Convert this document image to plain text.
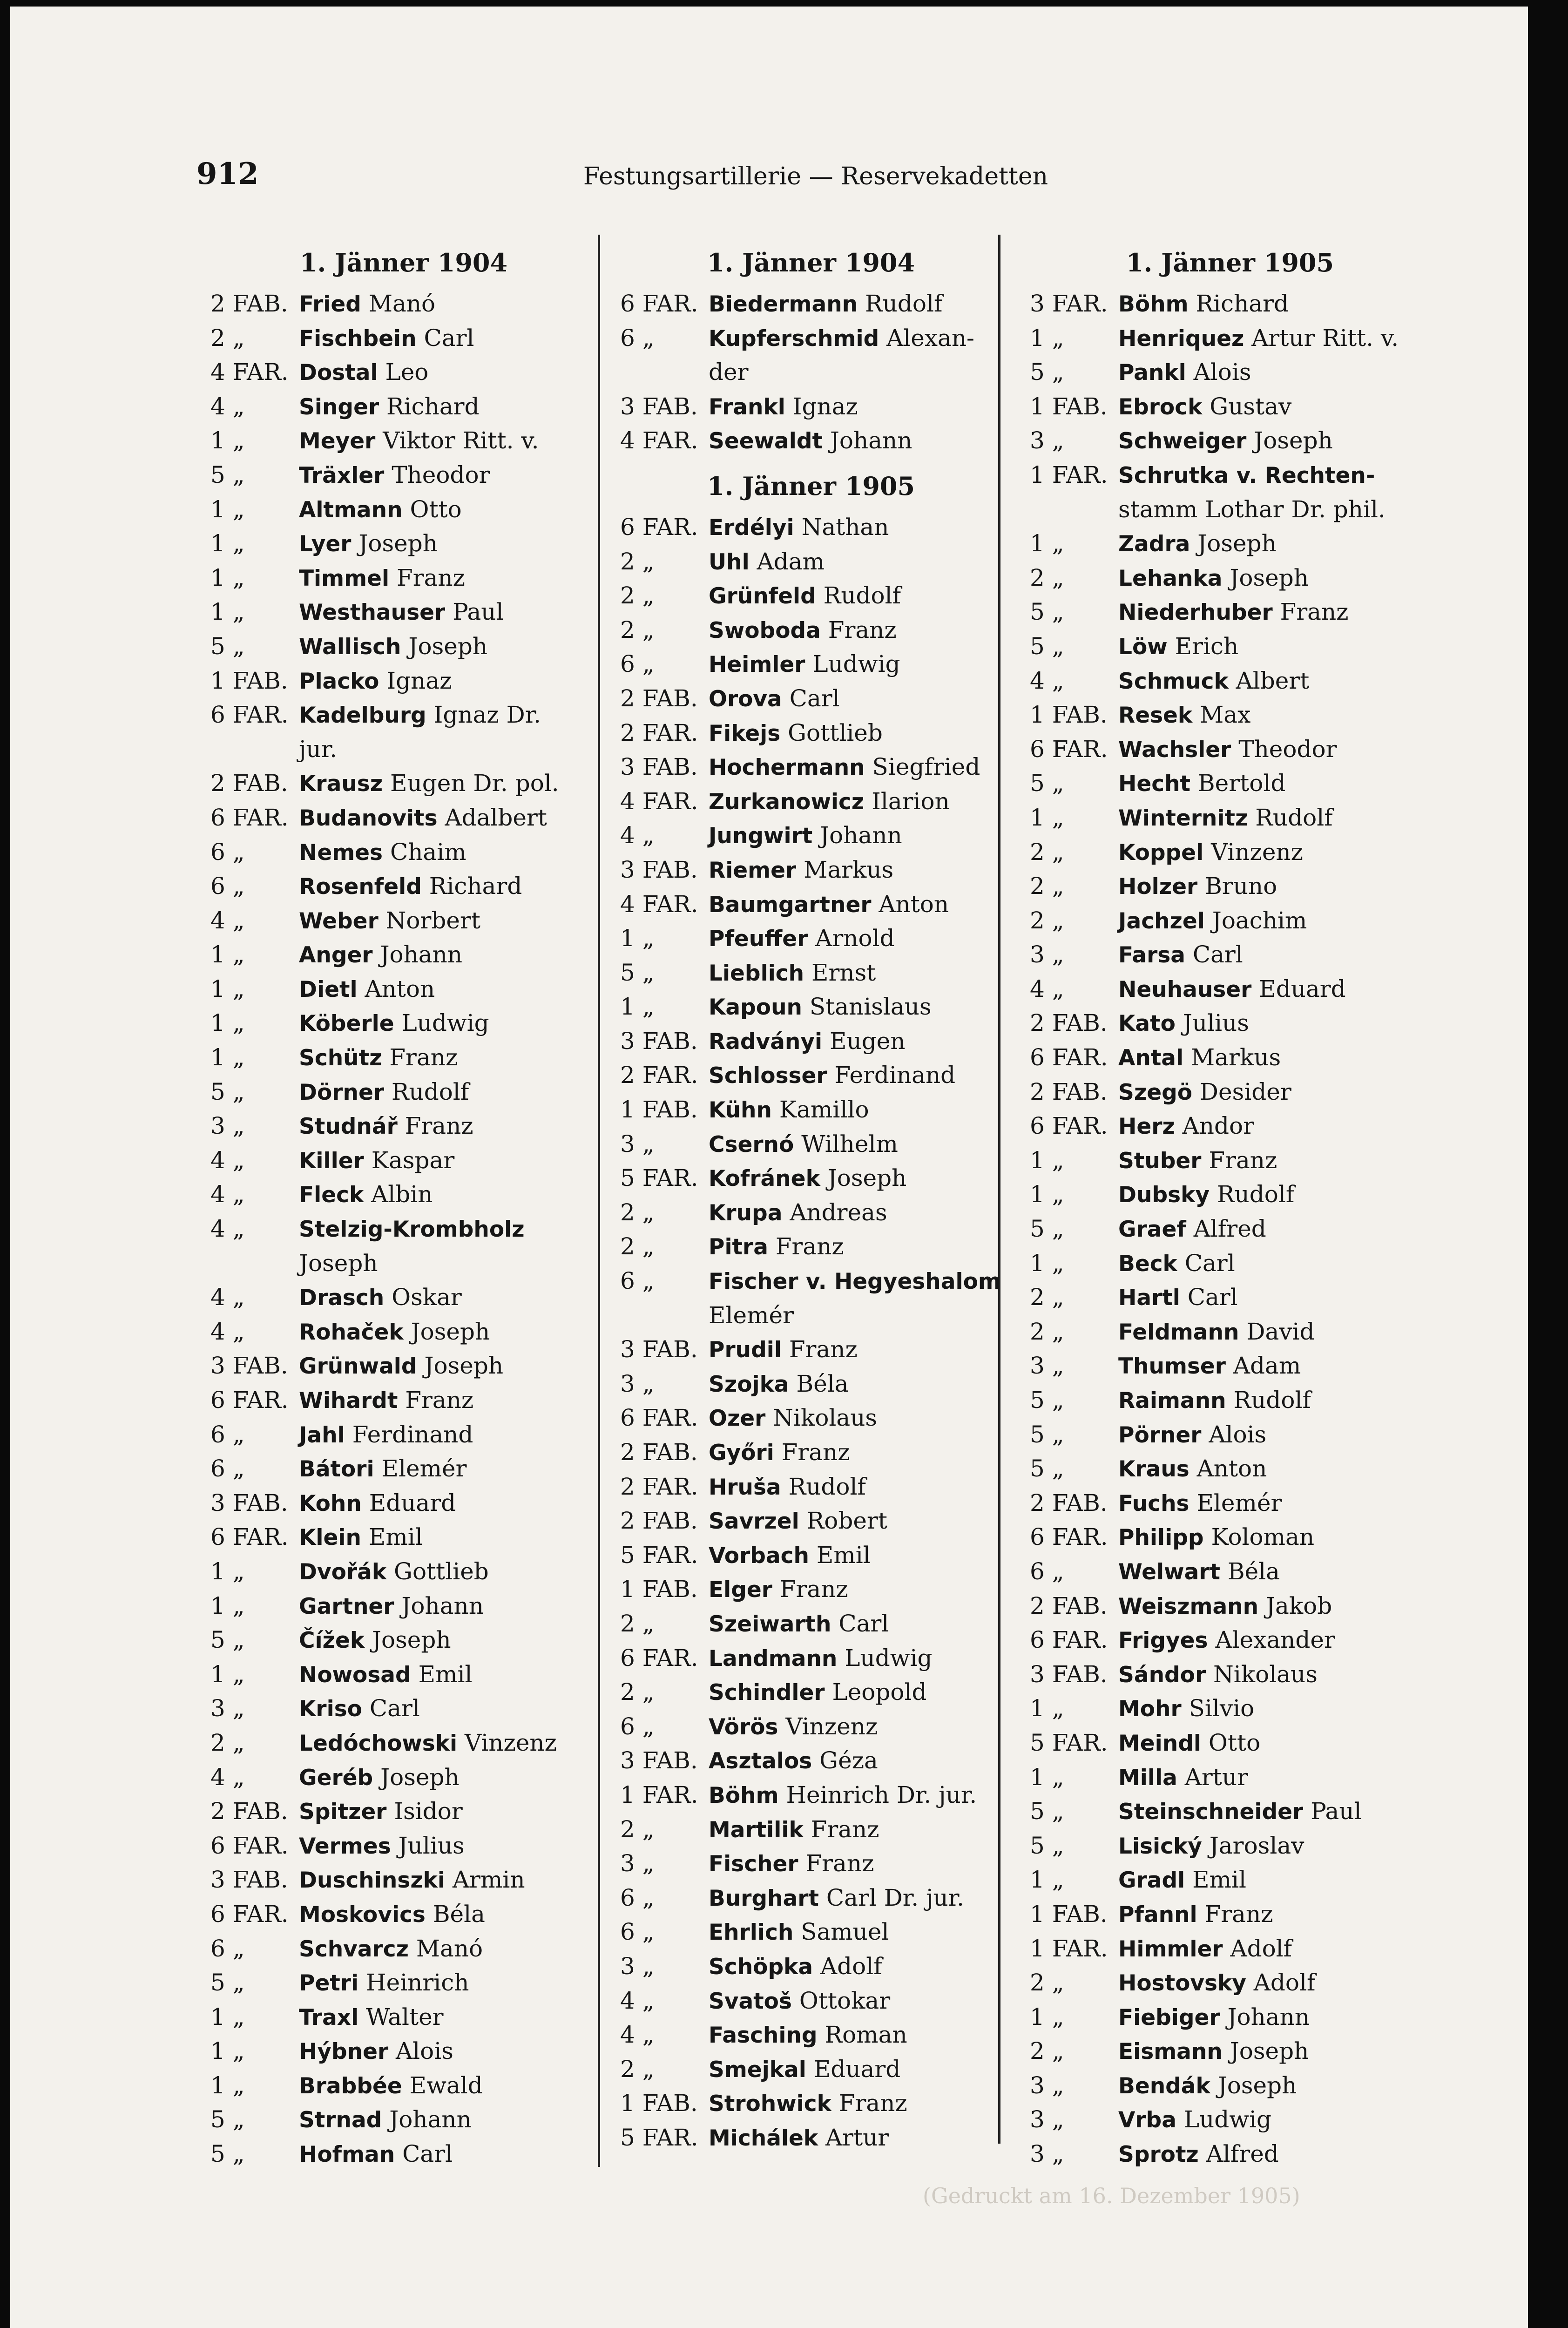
912	Festungsartillerie — Reservekadetten
1. Jänner 1904
2 FAB. Fried Manó
2 „	Fischbein Carl
4 FAR. Dostal Leo
4 „	Singer Richard
1 „	Meyer Viktor Ritt. v.
5 „	Träxler Theodor
1 „	Altmann Otto
1 „	Lyer Joseph
1 „	Timmel Franz
1 „	Westhauser Paul
5 „	Wallisch Joseph
1 FAB. Placko Ignaz
6 FAR. Kadelburg Ignaz Dr.
jur.
2 FAB. Krausz Eugen Dr. pol.
6 FAR. Budanovits Adalbert
6 „	Nemes Chaim
6 „	Rosenfeld Richard
4 „	Weber Norbert
1 „	Anger Johann
1 „	Dietl Anton
1 „	Köberle Ludwig
1 „	Schütz Franz
5 „	Dörner Rudolf
3 „	Studnář Franz
4 „	Killer Kaspar
4 „	Fleck Albin
4 „	Stelzig-Krombholz
Joseph
4 „	Drasch Oskar
4 „	Rohaček Joseph
3 FAB. Grünwald Joseph
6 FAR. Wihardt Franz
6 „	Jahl Ferdinand
6 „	Bátori Elemér
3 FAB. Kohn Eduard
6 FAR. Klein Emil
1 „	Dvořák Gottlieb
1 „	Gartner Johann
5 „	Čížek Joseph
1 „	Nowosad Emil
3 „	Kriso Carl
2 „	Ledóchowski Vinzenz
4 „	Geréb Joseph
2 FAB. Spitzer Isidor
6 FAR. Vermes Julius
3 FAB. Duschinszki Armin
6 FAR. Moskovics Béla
6 „	Schvarcz Manó
5 „	Petri Heinrich
1 „	Traxl Walter
1 „	Hýbner Alois
1 „	Brabbée Ewald
5 „	Strnad Johann
5 „	Hofman Carl
1. Jänner 1904
6 FAR. Biedermann Rudolf
6 „	Kupferschmid Alexan-
der
3 FAB. Frankl Ignaz
4 FAR. Seewaldt Johann
1. Jänner 1905
6 FAR. Erdélyi Nathan
2 „	Uhl Adam
2 „	Grünfeld Rudolf
2 „	Swoboda Franz
6 „	Heimler Ludwig
2 FAB. Orova Carl
2 FAR. Fikejs Gottlieb
3 FAB. Hochermann Siegfried
4 FAR. Zurkanowicz Ilarion
4 „	Jungwirt Johann
3 FAB. Riemer Markus
4 FAR. Baumgartner Anton
1 „	Pfeuffer Arnold
5 „	Lieblich Ernst
1 „	Kapoun Stanislaus
3 FAB. Radványi Eugen
2 FAR. Schlosser Ferdinand
1 FAB. Kühn Kamillo
3 „	Csernó Wilhelm
5 FAR. Kofránek Joseph
2 „	Krupa Andreas
2 „	Pitra Franz
6 „	Fischer v. Hegyeshalom
Elemér
3 FAB. Prudil Franz
3 „	Szojka Béla
6 FAR. Ozer Nikolaus
2 FAB. Győri Franz
2 FAR. Hruša Rudolf
2 FAB. Savrzel Robert
5 FAR. Vorbach Emil
1 FAB. Elger Franz
2 „	Szeiwarth Carl
6 FAR. Landmann Ludwig
2 „	Schindler Leopold
6 „	Vörös Vinzenz
3 FAB. Asztalos Géza
1 FAR. Böhm Heinrich Dr. jur.
2 „	Martilik Franz
3 „	Fischer Franz
6 „	Burghart Carl Dr. jur.
6 „	Ehrlich Samuel
3 „	Schöpka Adolf
4 „	Svatoš Ottokar
4 „	Fasching Roman
2 „	Smejkal Eduard
1 FAB. Strohwick Franz
5 FAR. Michálek Artur
1. Jänner 1905
3 FAR. Böhm Richard
1 „	Henriquez Artur Ritt. v.
5 „	Pankl Alois
1 FAB. Ebrock Gustav
3 „	Schweiger Joseph
1 FAR. Schrutka v. Rechten-
stamm Lothar Dr. phil.
1 „	Zadra Joseph
2 „	Lehanka Joseph
5 „	Niederhuber Franz
5 „	Löw Erich
4 „	Schmuck Albert
1 FAB. Resek Max
6 FAR. Wachsler Theodor
5 „	Hecht Bertold
1 „	Winternitz Rudolf
2 „	Koppel Vinzenz
2 „	Holzer Bruno
2 „	Jachzel Joachim
3 „	Farsa Carl
4 „	Neuhauser Eduard
2 FAB. Kato Julius
6 FAR. Antal Markus
2 FAB. Szegö Desider
6 FAR. Herz Andor
1 „	Stuber Franz
1 „	Dubsky Rudolf
5 „	Graef Alfred
1 „	Beck Carl
2 „	Hartl Carl
2 „	Feldmann David
3 „	Thumser Adam
5 „	Raimann Rudolf
5 „	Pörner Alois
5 „	Kraus Anton
2 FAB. Fuchs Elemér
6 FAR. Philipp Koloman
6 „	Welwart Béla
2 FAB. Weiszmann Jakob
6 FAR. Frigyes Alexander
3 FAB. Sándor Nikolaus
1 „	Mohr Silvio
5 FAR. Meindl Otto
1 „	Milla Artur
5 „	Steinschneider Paul
5 „	Lisický Jaroslav
1 „	Gradl Emil
1 FAB. Pfannl Franz
1 FAR. Himmler Adolf
2 „	Hostovsky Adolf
1 „	Fiebiger Johann
2 „	Eismann Joseph
3 „	Bendák Joseph
3 „	Vrba Ludwig
3 „	Sprotz Alfred
(Gedruckt am 16. Dezember 1905)
